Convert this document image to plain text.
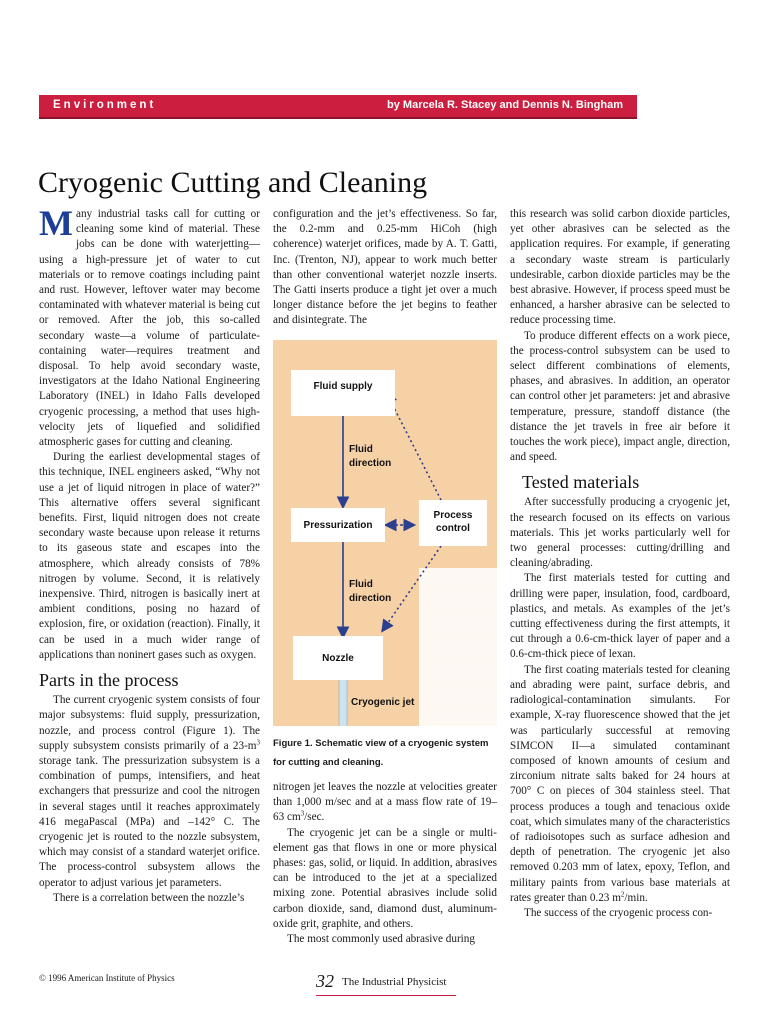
Environment	by Marcela R. Stacey and Dennis N. Bingham
Cryogenic Cutting and Cleaning

Many industrial tasks call for cutting or cleaning some kind of material. These jobs can be done with waterjetting—using a high-pressure jet of water to cut materials or to remove coatings including paint and rust. However, leftover water may become contaminated with whatever material is being cut or removed. After the job, this so-called secondary waste—a volume of particulate-containing water—requires treatment and disposal. To help avoid secondary waste, investigators at the Idaho National Engineering Laboratory (INEL) in Idaho Falls developed cryogenic processing, a method that uses high-velocity jets of liquefied and solidified atmospheric gases for cutting and cleaning.

During the earliest developmental stages of this technique, INEL engineers asked, “Why not use a jet of liquid nitrogen in place of water?” This alternative offers several significant benefits. First, liquid nitrogen does not create secondary waste because upon release it returns to its gaseous state and escapes into the atmosphere, which already consists of 78% nitrogen by volume. Second, it is relatively inexpensive. Third, nitrogen is basically inert at ambient conditions, posing no hazard of explosion, fire, or oxidation (reaction). Finally, it can be used in a much wider range of applications than noninert gases such as oxygen.

Parts in the process

The current cryogenic system consists of four major subsystems: fluid supply, pressurization, nozzle, and process control (Figure 1). The supply subsystem consists primarily of a $23-m^3$ storage tank. The pressurization subsystem is a combination of pumps, intensifiers, and heat exchangers that pressurize and cool the nitrogen in several stages until it reaches approximately 416 megaPascal (MPa) and –142° C. The cryogenic jet is routed to the nozzle subsystem, which may consist of a standard waterjet orifice. The process-control subsystem allows the operator to adjust various jet parameters.

There is a correlation between the nozzle’s

configuration and the jet’s effectiveness. So far, the 0.2-mm and 0.25-mm HiCoh (high coherence) waterjet orifices, made by A. T. Gatti, Inc. (Trenton, NJ), appear to work much better than other conventional waterjet nozzle inserts. The Gatti inserts produce a tight jet over a much longer distance before the jet begins to feather and disintegrate. The

Fluid supply
Fluid direction
Pressurization
Process control
Fluid direction
Nozzle
Cryogenic jet
Figure 1. Schematic view of a cryogenic system for cutting and cleaning.

nitrogen jet leaves the nozzle at velocities greater than 1,000 m/sec and at a mass flow rate of 19–63 $cm^3/\sec$.

The cryogenic jet can be a single or multi-element gas that flows in one or more physical phases: gas, solid, or liquid. In addition, abrasives can be introduced to the jet at a specialized mixing zone. Potential abrasives include solid carbon dioxide, sand, diamond dust, aluminum-oxide grit, graphite, and others.

The most commonly used abrasive during

this research was solid carbon dioxide particles, yet other abrasives can be selected as the application requires. For example, if generating a secondary waste stream is particularly undesirable, carbon dioxide particles may be the best abrasive. However, if process speed must be enhanced, a harsher abrasive can be selected to reduce processing time.

To produce different effects on a work piece, the process-control subsystem can be used to select different combinations of elements, phases, and abrasives. In addition, an operator can control other jet parameters: jet and abrasive temperature, pressure, standoff distance (the distance the jet travels in free air before it touches the work piece), impact angle, direction, and speed.

Tested materials

After successfully producing a cryogenic jet, the research focused on its effects on various materials. This jet works particularly well for two general processes: cutting/drilling and cleaning/abrading.

The first materials tested for cutting and drilling were paper, insulation, food, cardboard, plastics, and metals. As examples of the jet’s cutting effectiveness during the first attempts, it cut through a 0.6-cm-thick layer of paper and a 0.6-cm-thick piece of lexan.

The first coating materials tested for cleaning and abrading were paint, surface debris, and radiological-contamination simulants. For example, X-ray fluorescence showed that the jet was particularly successful at removing SIMCON II—a simulated contaminant composed of known amounts of cesium and zirconium nitrate salts baked for 24 hours at 700° C on pieces of 304 stainless steel. That process produces a tough and tenacious oxide coat, which simulates many of the characteristics of radioisotopes such as surface adhesion and depth of penetration. The cryogenic jet also removed 0.203 mm of latex, epoxy, Teflon, and military paints from various base materials at rates greater than 0.23 $m^2/\min$.

The success of the cryogenic process con-

© 1996 American Institute of Physics	32 The Industrial Physicist
